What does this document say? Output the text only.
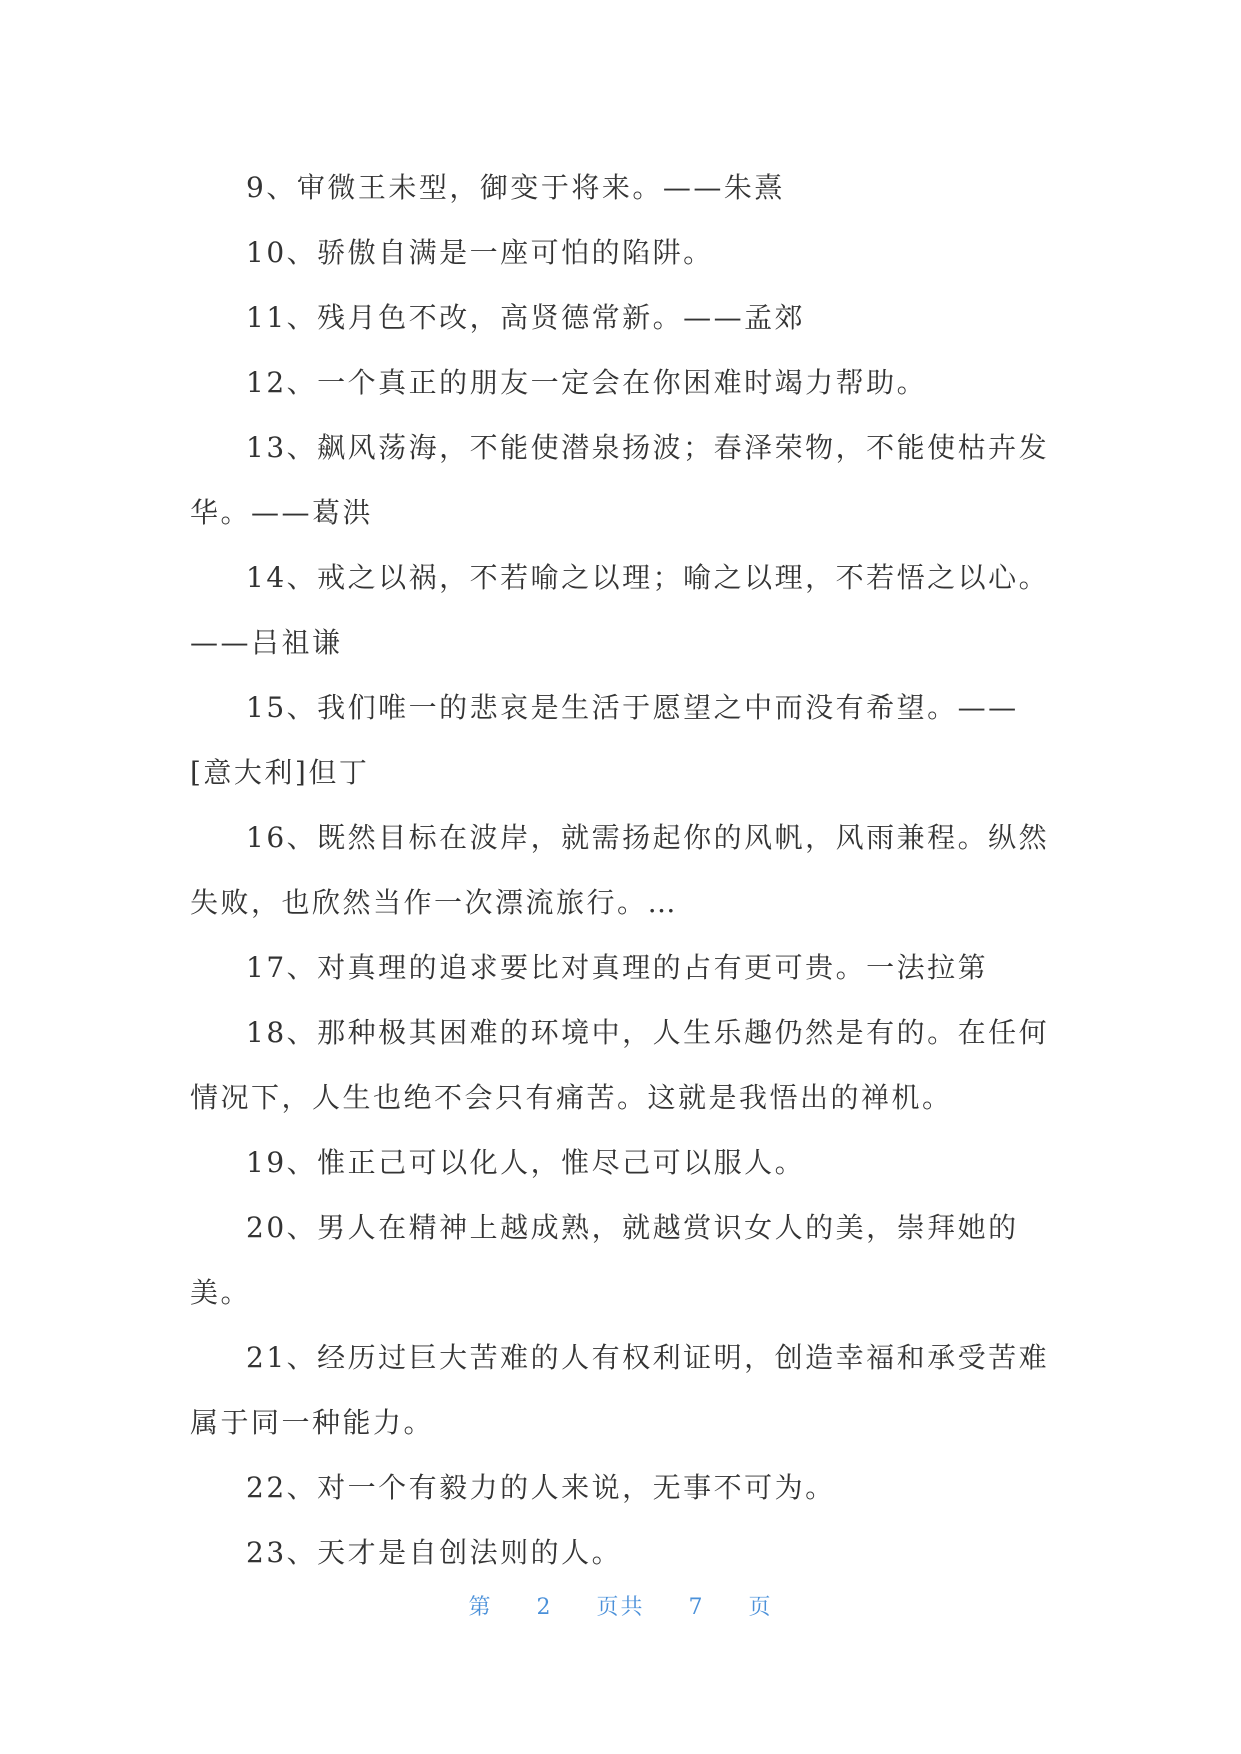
9、审微王未型，御变于将来。——朱熹

10、骄傲自满是一座可怕的陷阱。

11、残月色不改，高贤德常新。——孟郊

12、一个真正的朋友一定会在你困难时竭力帮助。

13、飙风荡海，不能使潜泉扬波；春泽荣物，不能使枯卉发华。——葛洪

14、戒之以祸，不若喻之以理；喻之以理，不若悟之以心。——吕祖谦

15、我们唯一的悲哀是生活于愿望之中而没有希望。——[意大利]但丁

16、既然目标在波岸，就需扬起你的风帆，风雨兼程。纵然失败，也欣然当作一次漂流旅行。…

17、对真理的追求要比对真理的占有更可贵。一法拉第

18、那种极其困难的环境中，人生乐趣仍然是有的。在任何情况下，人生也绝不会只有痛苦。这就是我悟出的禅机。

19、惟正己可以化人，惟尽己可以服人。

20、男人在精神上越成熟，就越赏识女人的美，崇拜她的美。

21、经历过巨大苦难的人有权利证明，创造幸福和承受苦难属于同一种能力。

22、对一个有毅力的人来说，无事不可为。

23、天才是自创法则的人。

第 2 页共 7 页
